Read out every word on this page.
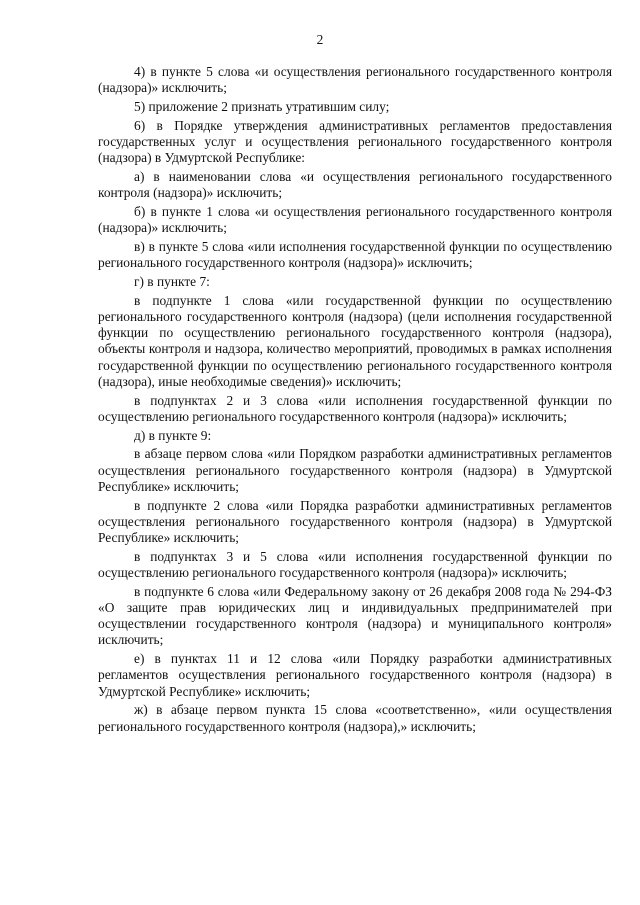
2

4) в пункте 5 слова «и осуществления регионального государственного контроля (надзора)» исключить;

5) приложение 2 признать утратившим силу;

6) в Порядке утверждения административных регламентов предоставления государственных услуг и осуществления регионального государственного контроля (надзора) в Удмуртской Республике:

а) в наименовании слова «и осуществления регионального государственного контроля (надзора)» исключить;

б) в пункте 1 слова «и осуществления регионального государственного контроля (надзора)» исключить;

в) в пункте 5 слова «или исполнения государственной функции по осуществлению регионального государственного контроля (надзора)» исключить;

г) в пункте 7:

в подпункте 1 слова «или государственной функции по осуществлению регионального государственного контроля (надзора) (цели исполнения государственной функции по осуществлению регионального государственного контроля (надзора), объекты контроля и надзора, количество мероприятий, проводимых в рамках исполнения государственной функции по осуществлению регионального государственного контроля (надзора), иные необходимые сведения)» исключить;

в подпунктах 2 и 3 слова «или исполнения государственной функции по осуществлению регионального государственного контроля (надзора)» исключить;

д) в пункте 9:

в абзаце первом слова «или Порядком разработки административных регламентов осуществления регионального государственного контроля (надзора) в Удмуртской Республике» исключить;

в подпункте 2 слова «или Порядка разработки административных регламентов осуществления регионального государственного контроля (надзора) в Удмуртской Республике» исключить;

в подпунктах 3 и 5 слова «или исполнения государственной функции по осуществлению регионального государственного контроля (надзора)» исключить;

в подпункте 6 слова «или Федеральному закону от 26 декабря 2008 года № 294-ФЗ «О защите прав юридических лиц и индивидуальных предпринимателей при осуществлении государственного контроля (надзора) и муниципального контроля» исключить;

е) в пунктах 11 и 12 слова «или Порядку разработки административных регламентов осуществления регионального государственного контроля (надзора) в Удмуртской Республике» исключить;

ж) в абзаце первом пункта 15 слова «соответственно», «или осуществления регионального государственного контроля (надзора),» исключить;
